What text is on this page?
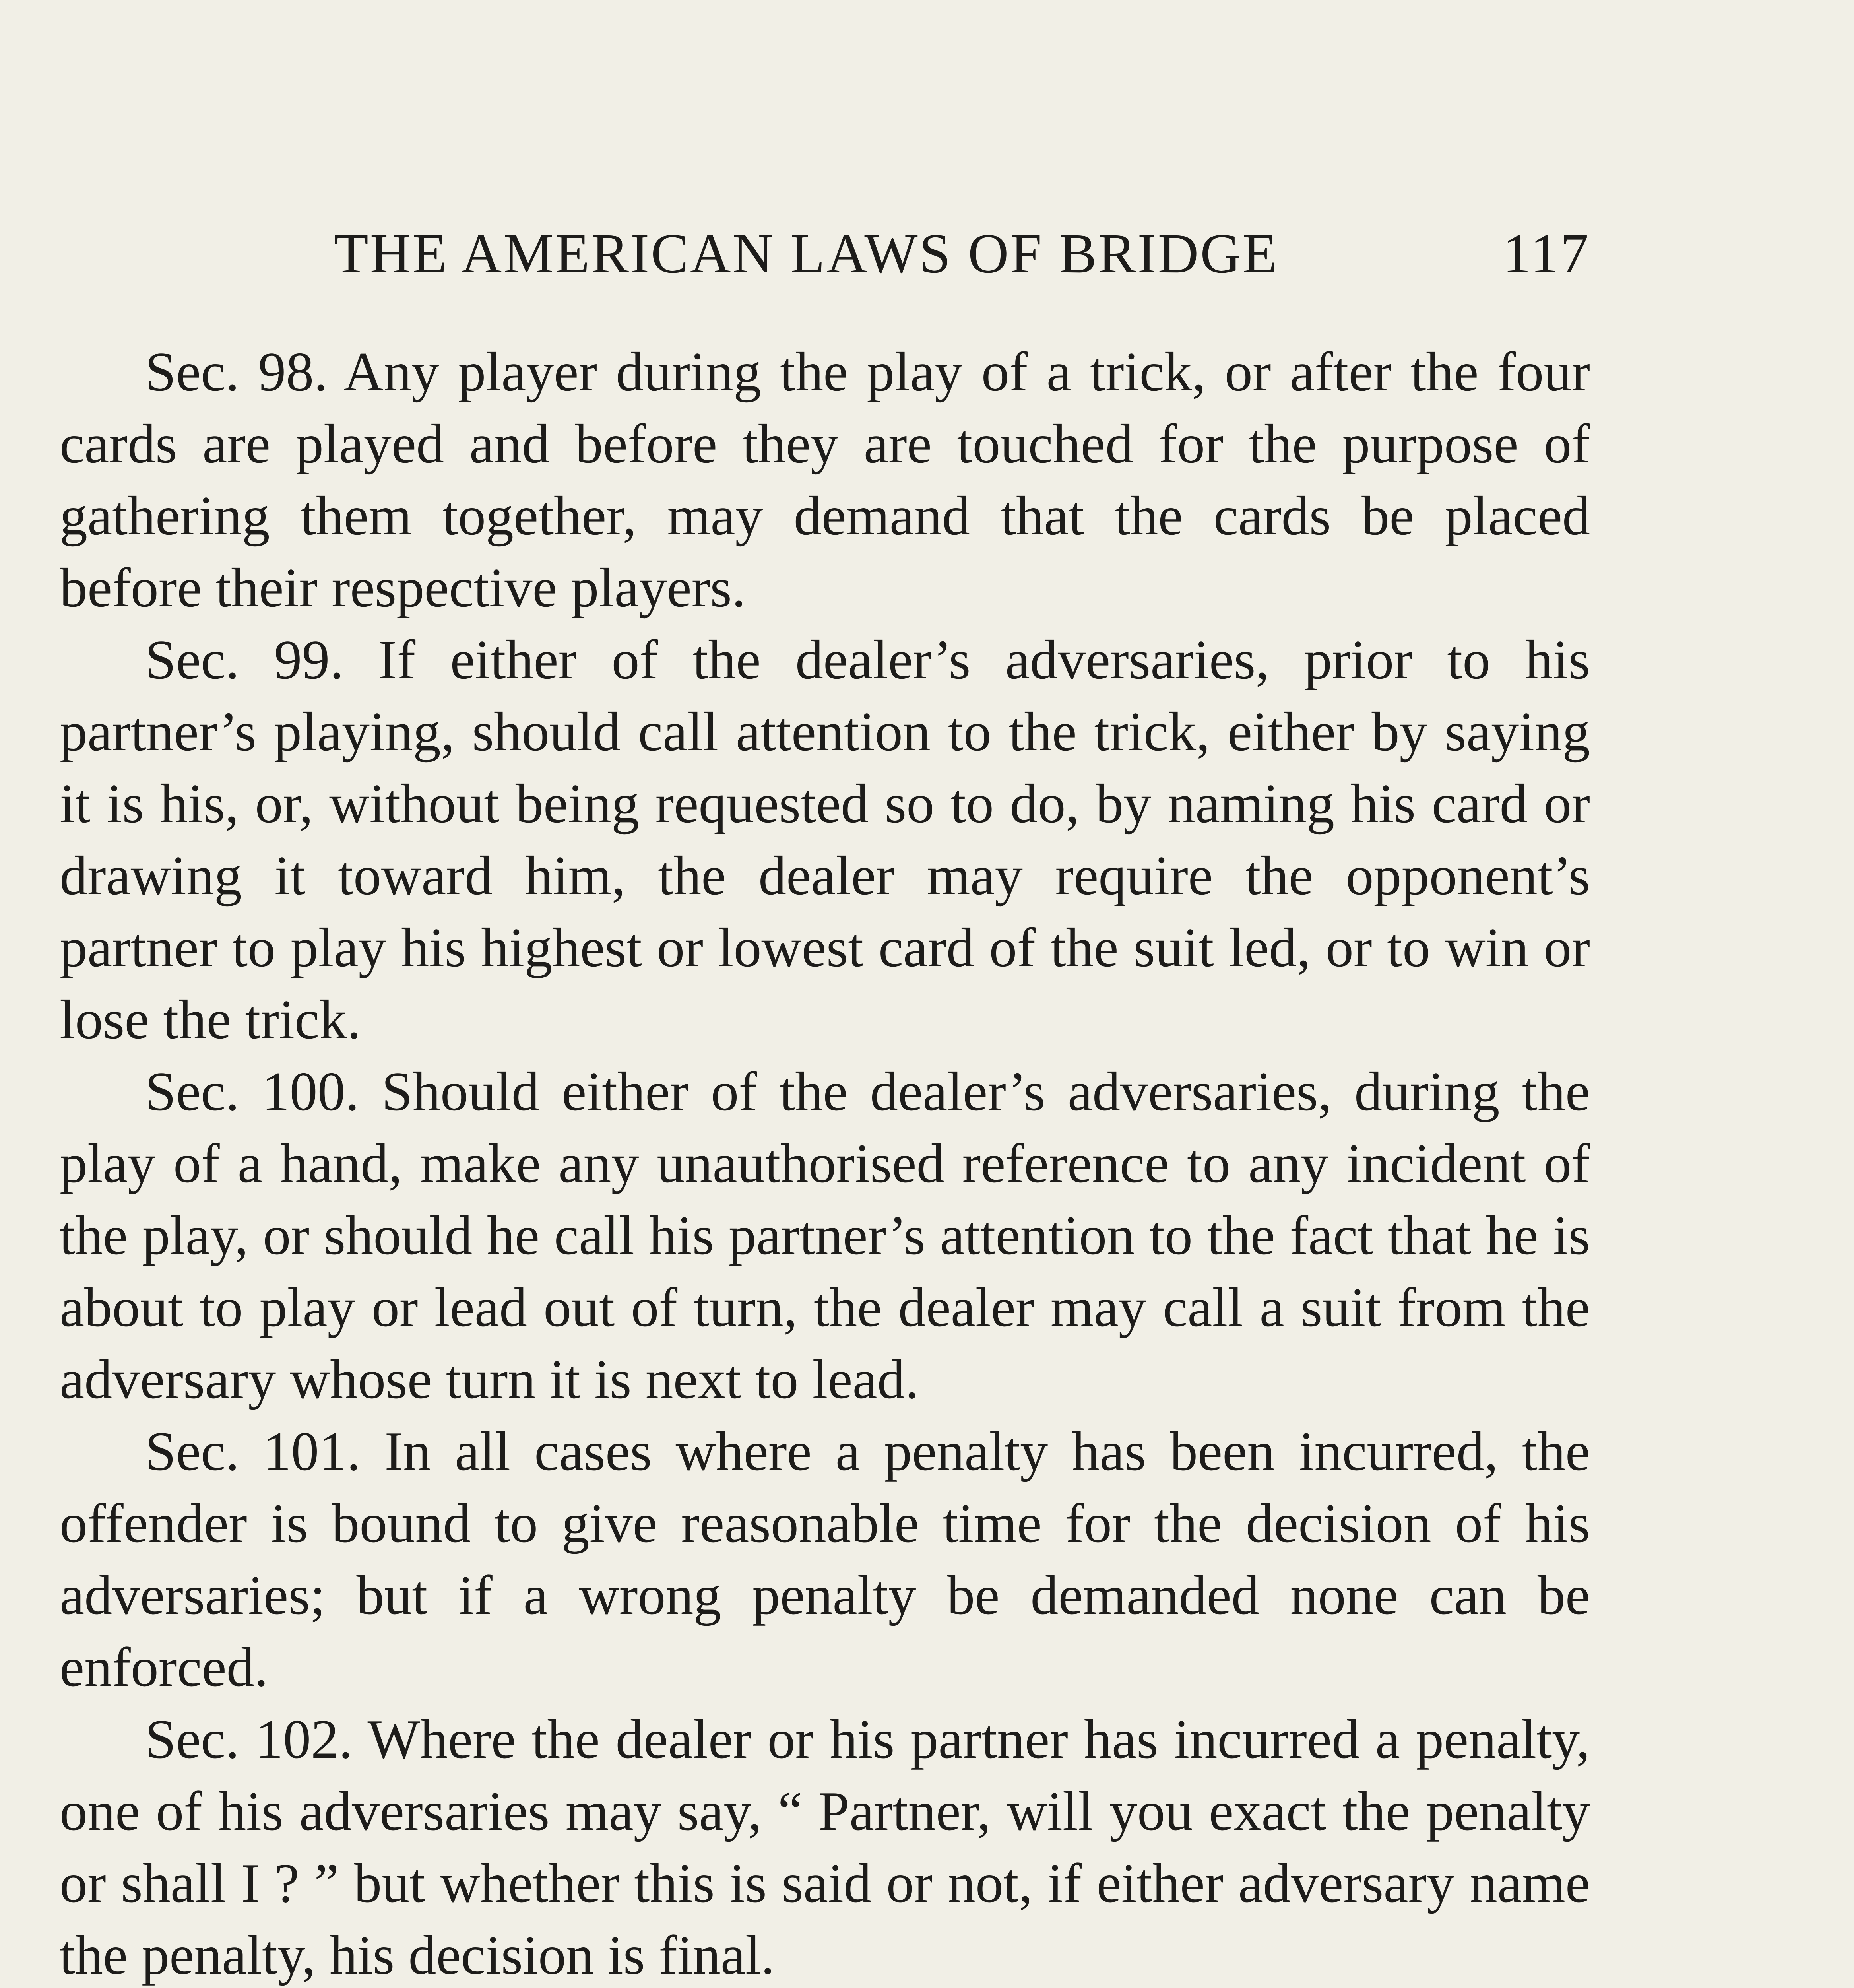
THE AMERICAN LAWS OF BRIDGE	117

Sec. 98. Any player during the play of a trick, or after the four cards are played and before they are touched for the purpose of gathering them together, may demand that the cards be placed before their respective players.

Sec. 99. If either of the dealer’s adversaries, prior to his partner’s playing, should call attention to the trick, either by saying it is his, or, without being requested so to do, by naming his card or drawing it toward him, the dealer may require the opponent’s partner to play his highest or lowest card of the suit led, or to win or lose the trick.

Sec. 100. Should either of the dealer’s adversaries, during the play of a hand, make any unauthorised reference to any incident of the play, or should he call his partner’s attention to the fact that he is about to play or lead out of turn, the dealer may call a suit from the adversary whose turn it is next to lead.

Sec. 101. In all cases where a penalty has been incurred, the offender is bound to give reasonable time for the decision of his adversaries; but if a wrong penalty be demanded none can be enforced.

Sec. 102. Where the dealer or his partner has incurred a penalty, one of his adversaries may say, “ Partner, will you exact the penalty or shall I ? ” but whether this is said or not, if either adversary name the penalty, his decision is final.
